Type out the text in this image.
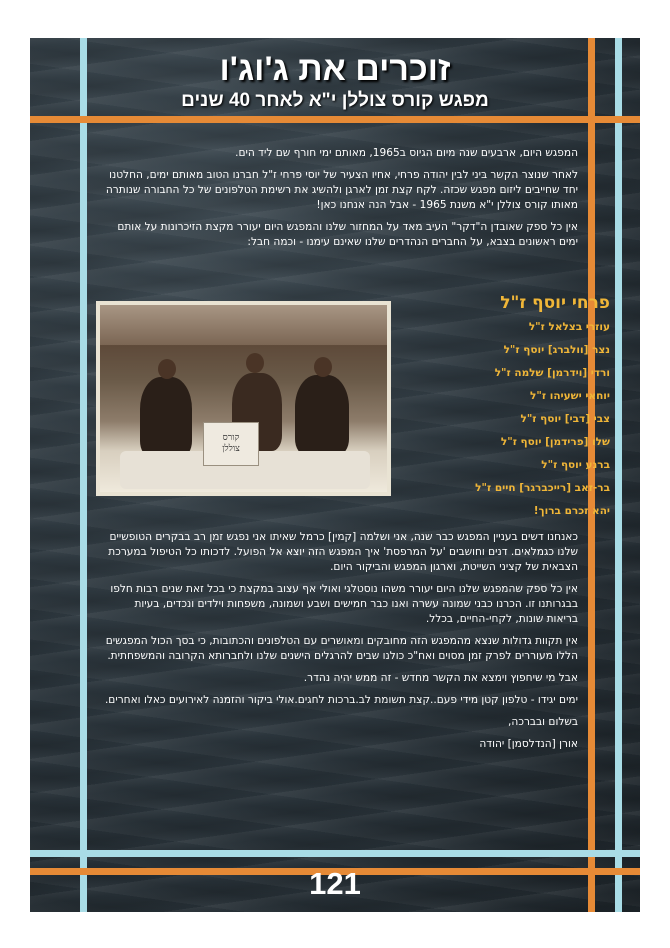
זוכרים את ג'וג'ו
מפגש קורס צוללן י"א לאחר 40 שנים

המפגש היום, ארבעים שנה מיום הגיוס ב1965, מאותם ימי חורף שם ליד הים.

לאחר שנוצר הקשר בּיני לבין יהודה פרחי, אחיו הצעיר של יוסי פרחי ז"ל חברנו הטוב מאותם ימים, החלטנו יחד שחייבים ליזום מפגש שכזה. לקח קצת זמן לארגן ולהשיג את רשימת הטלפונים של כל החבורה שנותרה מאותו קורס צוללן י"א משנת 1965 - אבל הנה אנחנו כאן!

אין כל ספק שאובדן ה"דקר" העיב מאד על המחזור שלנו והמפגש היום יעורר מקצת הזיכרונות על אותם ימים ראשונים בצבא, על החברים הנהדרים שלנו שאינם עימנו - וכמה חבל:

קורס
צוללן
פרחי יוסף ז"ל
עוזרי בצלאל ז"ל
נצר [וולברג] יוסף ז"ל
ורדי [וידרמן] שלמה ז"ל
יוחאי ישעיהו ז"ל
צבי [דבי] יוסף ז"ל
שלו [פרידמן] יוסף ז"ל
ברנע יוסף ז"ל
בר-זאב [רייכברגר] חיים ז"ל
יהא זכרם ברוך!

כאנחנו דשים בעניין המפגש כבר שנה, אני ושלמה [קמין] כרמל שאיתו אני נפגש זמן רב בבקרים הטופשיים שלנו כגמלאים. דנים וחושבים 'על המרפסת' איך המפגש הזה יוצא אל הפועל. לדכותו כל הטיפול במערכת הצבאית של קציני השייטת, וארגון המפגש והביקור היום.

אין כל ספק שהמפגש שלנו היום יעורר משהו נוסטלגי ואולי אף עצוב במקצת כי בכל זאת שנים רבות חלפו בבגרותנו זו. הכרנו כבני שמונה עשרה ואנו כבר חמישים ושבע ושמונה, משפחות וילדים ונכדים, בעיות בריאות שונות, לקחי-החיים, בכלל.

אין תקוות גדולות שנצא מהמפגש הזה מחובקים ומאושרים עם הטלפונים והכתובות, כי בסך הכול המפגשים הללו מעוררים לפרק זמן מסוים ואח"כ כולנו שבים להרגלים הישנים שלנו ולחברותא הקרובה והמשפחתית.

אבל מי שיחפוץ וימצא את הקשר מחדש - זה ממש יהיה נהדר.

ימים יגידו - טלפון קטן מידי פעם..קצת תשומת לב.ברכות לחגים.אולי ביקור והזמנה לאירועים כאלו ואחרים.

בשלום ובברכה,

אורן [הנדלסמן] יהודה

121
